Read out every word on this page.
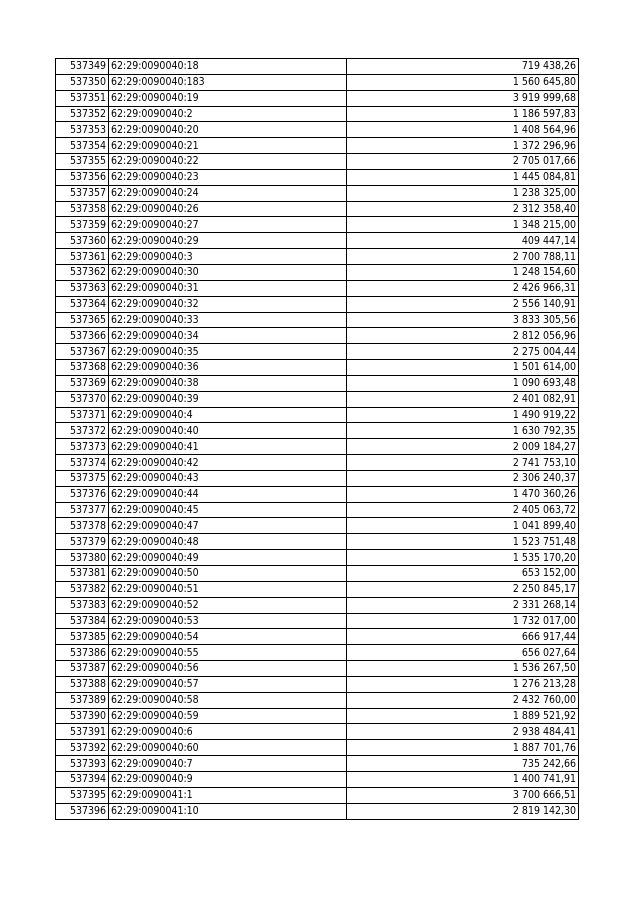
537349	62:29:0090040:18	719 438,26
537350	62:29:0090040:183	1 560 645,80
537351	62:29:0090040:19	3 919 999,68
537352	62:29:0090040:2	1 186 597,83
537353	62:29:0090040:20	1 408 564,96
537354	62:29:0090040:21	1 372 296,96
537355	62:29:0090040:22	2 705 017,66
537356	62:29:0090040:23	1 445 084,81
537357	62:29:0090040:24	1 238 325,00
537358	62:29:0090040:26	2 312 358,40
537359	62:29:0090040:27	1 348 215,00
537360	62:29:0090040:29	409 447,14
537361	62:29:0090040:3	2 700 788,11
537362	62:29:0090040:30	1 248 154,60
537363	62:29:0090040:31	2 426 966,31
537364	62:29:0090040:32	2 556 140,91
537365	62:29:0090040:33	3 833 305,56
537366	62:29:0090040:34	2 812 056,96
537367	62:29:0090040:35	2 275 004,44
537368	62:29:0090040:36	1 501 614,00
537369	62:29:0090040:38	1 090 693,48
537370	62:29:0090040:39	2 401 082,91
537371	62:29:0090040:4	1 490 919,22
537372	62:29:0090040:40	1 630 792,35
537373	62:29:0090040:41	2 009 184,27
537374	62:29:0090040:42	2 741 753,10
537375	62:29:0090040:43	2 306 240,37
537376	62:29:0090040:44	1 470 360,26
537377	62:29:0090040:45	2 405 063,72
537378	62:29:0090040:47	1 041 899,40
537379	62:29:0090040:48	1 523 751,48
537380	62:29:0090040:49	1 535 170,20
537381	62:29:0090040:50	653 152,00
537382	62:29:0090040:51	2 250 845,17
537383	62:29:0090040:52	2 331 268,14
537384	62:29:0090040:53	1 732 017,00
537385	62:29:0090040:54	666 917,44
537386	62:29:0090040:55	656 027,64
537387	62:29:0090040:56	1 536 267,50
537388	62:29:0090040:57	1 276 213,28
537389	62:29:0090040:58	2 432 760,00
537390	62:29:0090040:59	1 889 521,92
537391	62:29:0090040:6	2 938 484,41
537392	62:29:0090040:60	1 887 701,76
537393	62:29:0090040:7	735 242,66
537394	62:29:0090040:9	1 400 741,91
537395	62:29:0090041:1	3 700 666,51
537396	62:29:0090041:10	2 819 142,30
